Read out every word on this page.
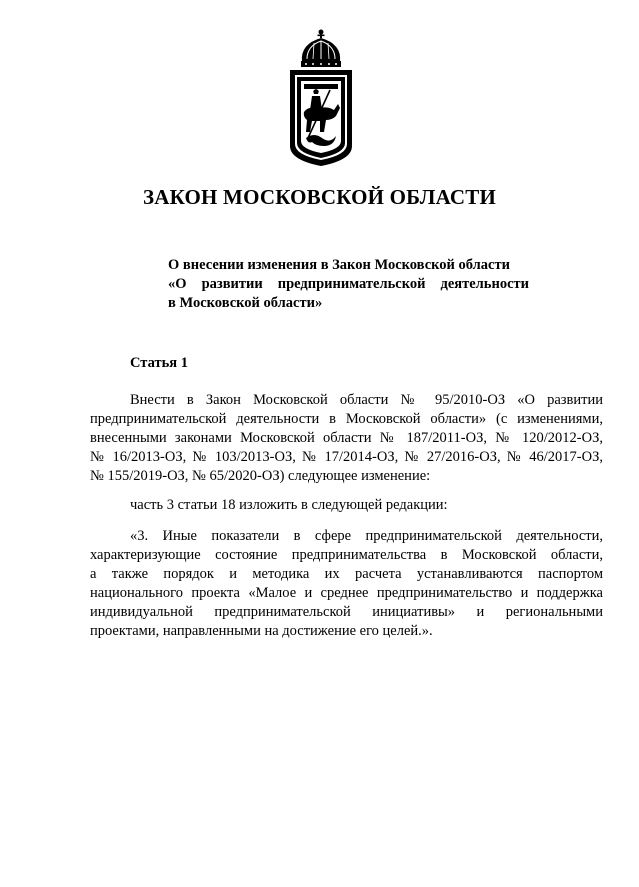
ЗАКОН МОСКОВСКОЙ ОБЛАСТИ
О внесении изменения в Закон Московской области
«О развитии предпринимательской деятельности
в Московской области»
Статья 1
Внести в Закон Московской области № 95/2010-ОЗ «О развитии
предпринимательской деятельности в Московской области» (с изменениями,
внесенными законами Московской области № 187/2011-ОЗ, № 120/2012-ОЗ,
№ 16/2013-ОЗ, № 103/2013-ОЗ, № 17/2014-ОЗ, № 27/2016-ОЗ, № 46/2017-ОЗ,
№ 155/2019-ОЗ, № 65/2020-ОЗ) следующее изменение:
часть 3 статьи 18 изложить в следующей редакции:
«3. Иные показатели в сфере предпринимательской деятельности,
характеризующие состояние предпринимательства в Московской области,
а также порядок и методика их расчета устанавливаются паспортом
национального проекта «Малое и среднее предпринимательство и поддержка
индивидуальной предпринимательской инициативы» и региональными
проектами, направленными на достижение его целей.».
